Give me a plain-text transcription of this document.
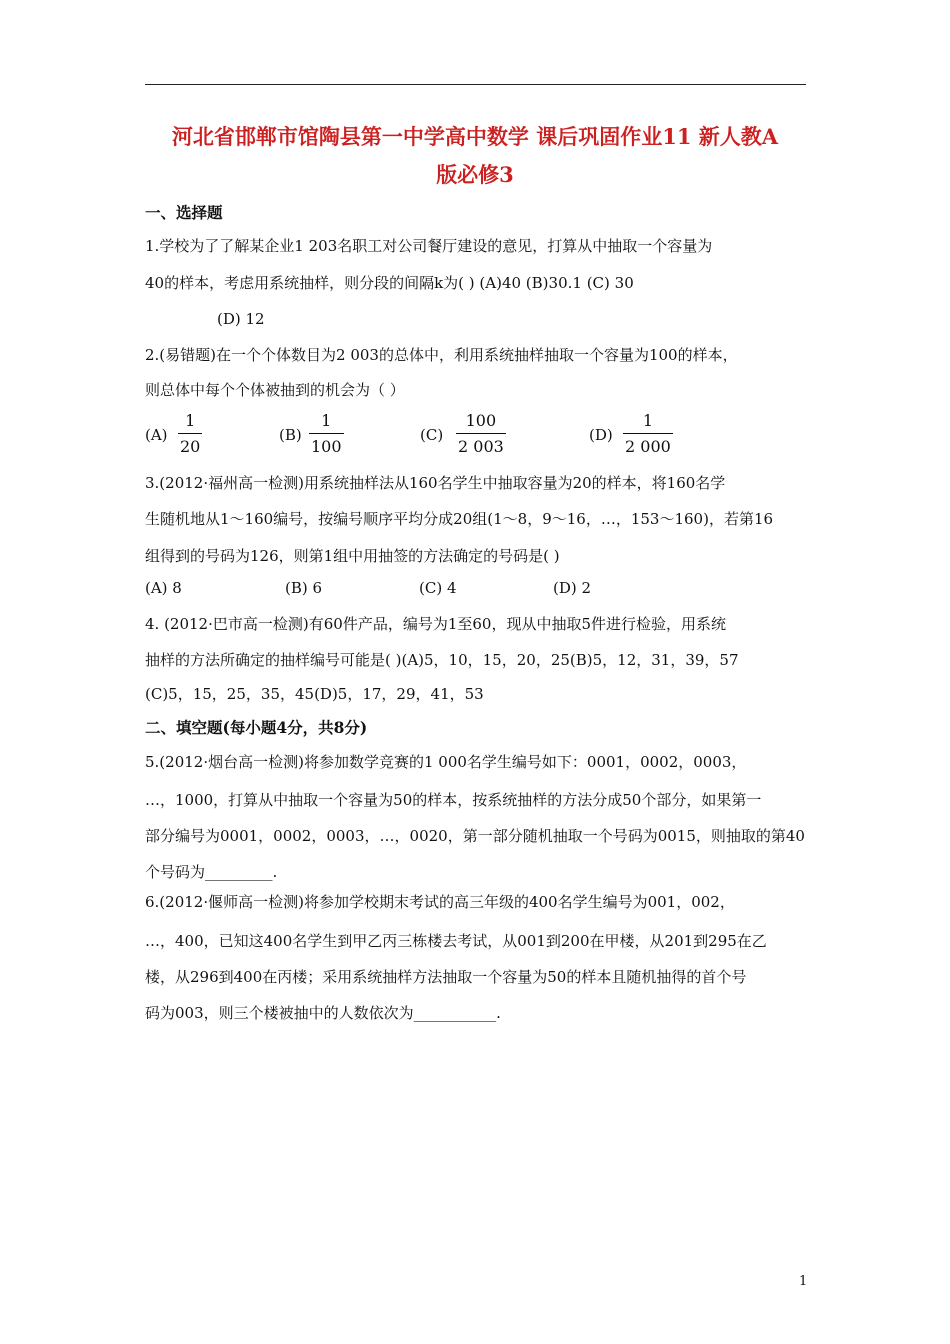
河北省邯郸市馆陶县第一中学高中数学 课后巩固作业11 新人教A
版必修3
一、选择题
1.学校为了了解某企业1 203名职工对公司餐厅建设的意见，打算从中抽取一个容量为
40的样本，考虑用系统抽样，则分段的间隔k为( ) (A)40 (B)30.1 (C) 30
(D) 12
2.(易错题)在一个个体数目为2 003的总体中，利用系统抽样抽取一个容量为100的样本，
则总体中每个个体被抽到的机会为（ ）
(A)
1
20
(B)
1
100
(C)
100
2 003
(D)
1
2 000
3.(2012·福州高一检测)用系统抽样法从160名学生中抽取容量为20的样本，将160名学
生随机地从1～160编号，按编号顺序平均分成20组(1～8，9～16，…，153～160)，若第16
组得到的号码为126，则第1组中用抽签的方法确定的号码是( )
(A) 8	(B) 6	(C) 4	(D) 2
4. (2012·巴市高一检测)有60件产品，编号为1至60，现从中抽取5件进行检验，用系统
抽样的方法所确定的抽样编号可能是( )(A)5，10，15，20，25(B)5，12，31，39，57
(C)5，15，25，35，45(D)5，17，29，41，53
二、填空题(每小题4分，共8分)
5.(2012·烟台高一检测)将参加数学竞赛的1 000名学生编号如下：0001，0002，0003，
…，1000，打算从中抽取一个容量为50的样本，按系统抽样的方法分成50个部分，如果第一
部分编号为0001，0002，0003，…，0020，第一部分随机抽取一个号码为0015，则抽取的第40
个号码为_________.
6.(2012·偃师高一检测)将参加学校期末考试的高三年级的400名学生编号为001，002，
…，400，已知这400名学生到甲乙丙三栋楼去考试，从001到200在甲楼，从201到295在乙
楼，从296到400在丙楼；采用系统抽样方法抽取一个容量为50的样本且随机抽得的首个号
码为003，则三个楼被抽中的人数依次为___________.
1
